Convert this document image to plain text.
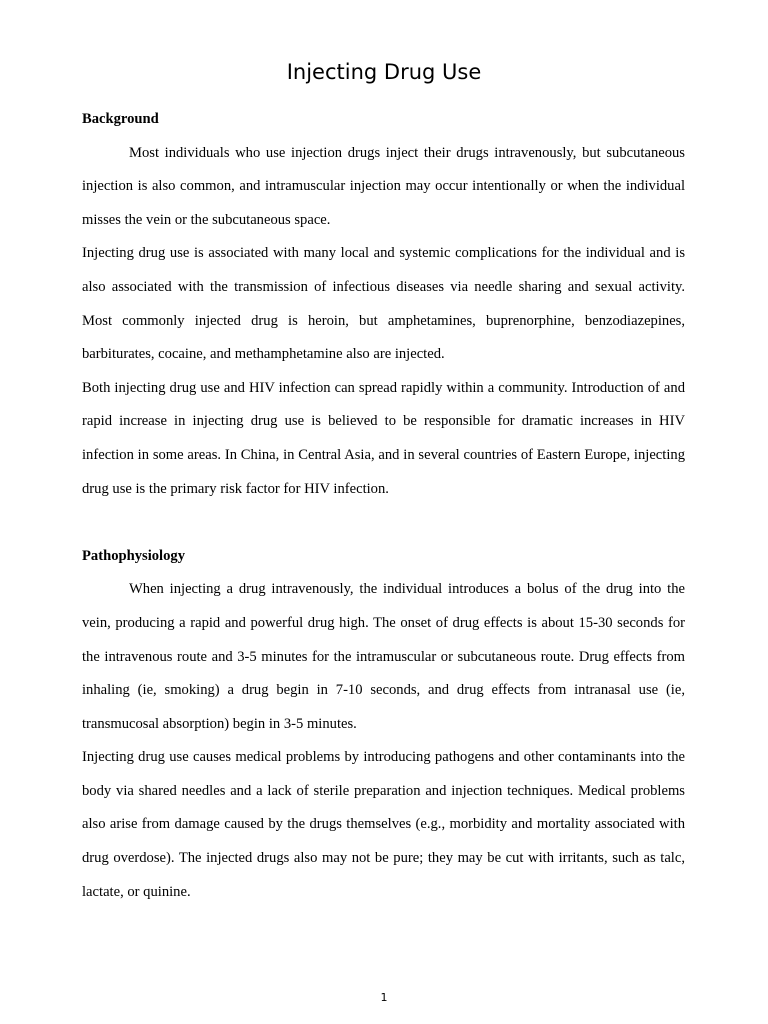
Injecting Drug Use

Background

Most individuals who use injection drugs inject their drugs intravenously, but subcutaneous injection is also common, and intramuscular injection may occur intentionally or when the individual misses the vein or the subcutaneous space.

Injecting drug use is associated with many local and systemic complications for the individual and is also associated with the transmission of infectious diseases via needle sharing and sexual activity. Most commonly injected drug is heroin, but amphetamines, buprenorphine, benzodiazepines, barbiturates, cocaine, and methamphetamine also are injected.

Both injecting drug use and HIV infection can spread rapidly within a community. Introduction of and rapid increase in injecting drug use is believed to be responsible for dramatic increases in HIV infection in some areas. In China, in Central Asia, and in several countries of Eastern Europe, injecting drug use is the primary risk factor for HIV infection.

Pathophysiology

When injecting a drug intravenously, the individual introduces a bolus of the drug into the vein, producing a rapid and powerful drug high. The onset of drug effects is about 15-30 seconds for the intravenous route and 3-5 minutes for the intramuscular or subcutaneous route. Drug effects from inhaling (ie, smoking) a drug begin in 7-10 seconds, and drug effects from intranasal use (ie, transmucosal absorption) begin in 3-5 minutes.

Injecting drug use causes medical problems by introducing pathogens and other contaminants into the body via shared needles and a lack of sterile preparation and injection techniques. Medical problems also arise from damage caused by the drugs themselves (e.g., morbidity and mortality associated with drug overdose). The injected drugs also may not be pure; they may be cut with irritants, such as talc, lactate, or quinine.

1
